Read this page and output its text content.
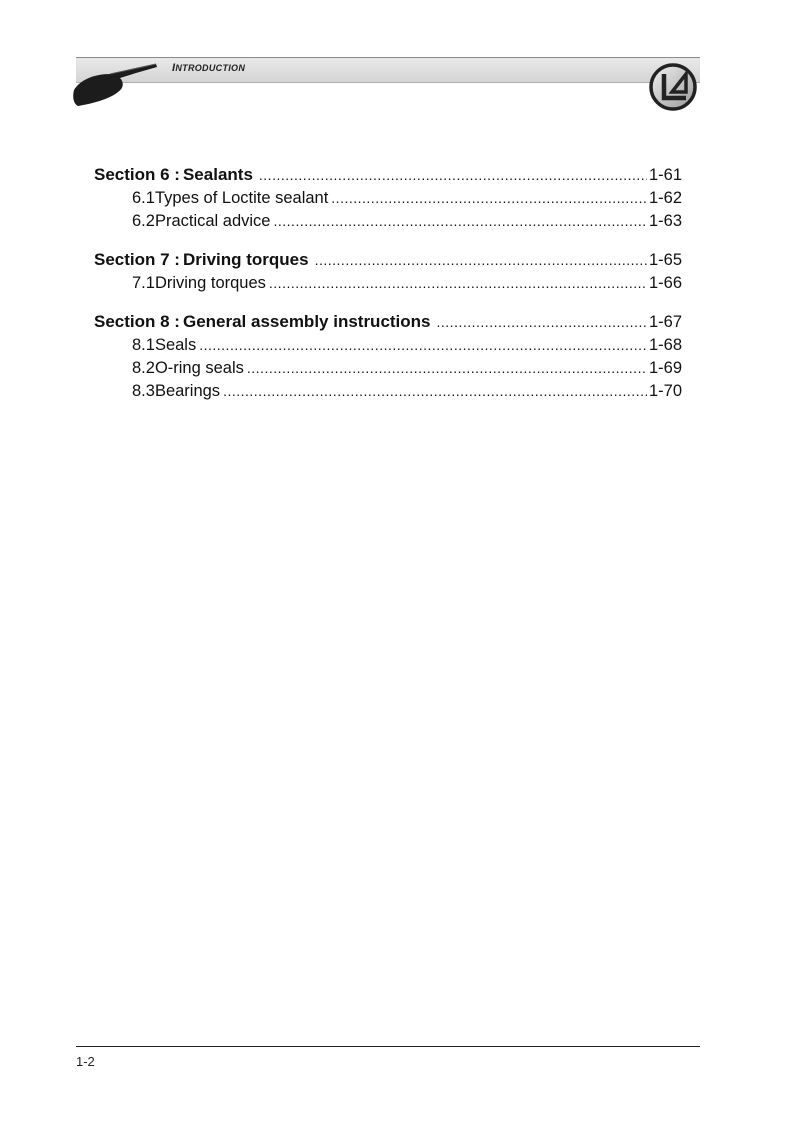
INTRODUCTION
Section 6 : Sealants .....	1-61
6.1 Types of Loctite sealant .....	1-62
6.2 Practical advice .....	1-63
Section 7 : Driving torques .....	1-65
7.1 Driving torques .....	1-66
Section 8 : General assembly instructions .....	1-67
8.1 Seals .....	1-68
8.2 O-ring seals .....	1-69
8.3 Bearings .....	1-70
1-2
